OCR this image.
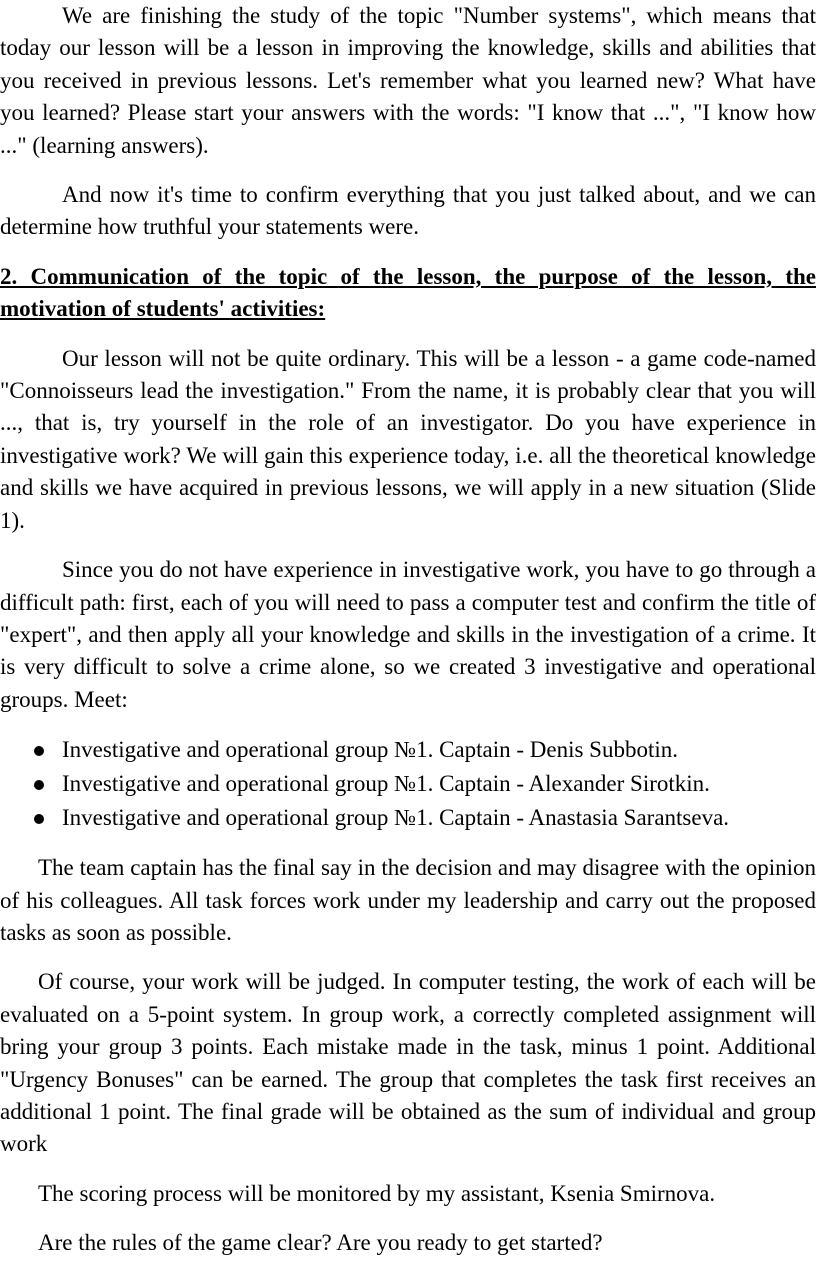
We are finishing the study of the topic "Number systems", which means that today our lesson will be a lesson in improving the knowledge, skills and abilities that you received in previous lessons. Let's remember what you learned new? What have you learned? Please start your answers with the words: "I know that ...", "I know how ..." (learning answers).

And now it's time to confirm everything that you just talked about, and we can determine how truthful your statements were.

2. Communication of the topic of the lesson, the purpose of the lesson, the motivation of students' activities:

Our lesson will not be quite ordinary. This will be a lesson - a game code-named "Connoisseurs lead the investigation." From the name, it is probably clear that you will ..., that is, try yourself in the role of an investigator. Do you have experience in investigative work? We will gain this experience today, i.e. all the theoretical knowledge and skills we have acquired in previous lessons, we will apply in a new situation (Slide 1).

Since you do not have experience in investigative work, you have to go through a difficult path: first, each of you will need to pass a computer test and confirm the title of "expert", and then apply all your knowledge and skills in the investigation of a crime. It is very difficult to solve a crime alone, so we created 3 investigative and operational groups. Meet:

Investigative and operational group №1. Captain - Denis Subbotin.
Investigative and operational group №1. Captain - Alexander Sirotkin.
Investigative and operational group №1. Captain - Anastasia Sarantseva.

The team captain has the final say in the decision and may disagree with the opinion of his colleagues. All task forces work under my leadership and carry out the proposed tasks as soon as possible.

Of course, your work will be judged. In computer testing, the work of each will be evaluated on a 5-point system. In group work, a correctly completed assignment will bring your group 3 points. Each mistake made in the task, minus 1 point. Additional "Urgency Bonuses" can be earned. The group that completes the task first receives an additional 1 point. The final grade will be obtained as the sum of individual and group work

The scoring process will be monitored by my assistant, Ksenia Smirnova.

Are the rules of the game clear? Are you ready to get started?
